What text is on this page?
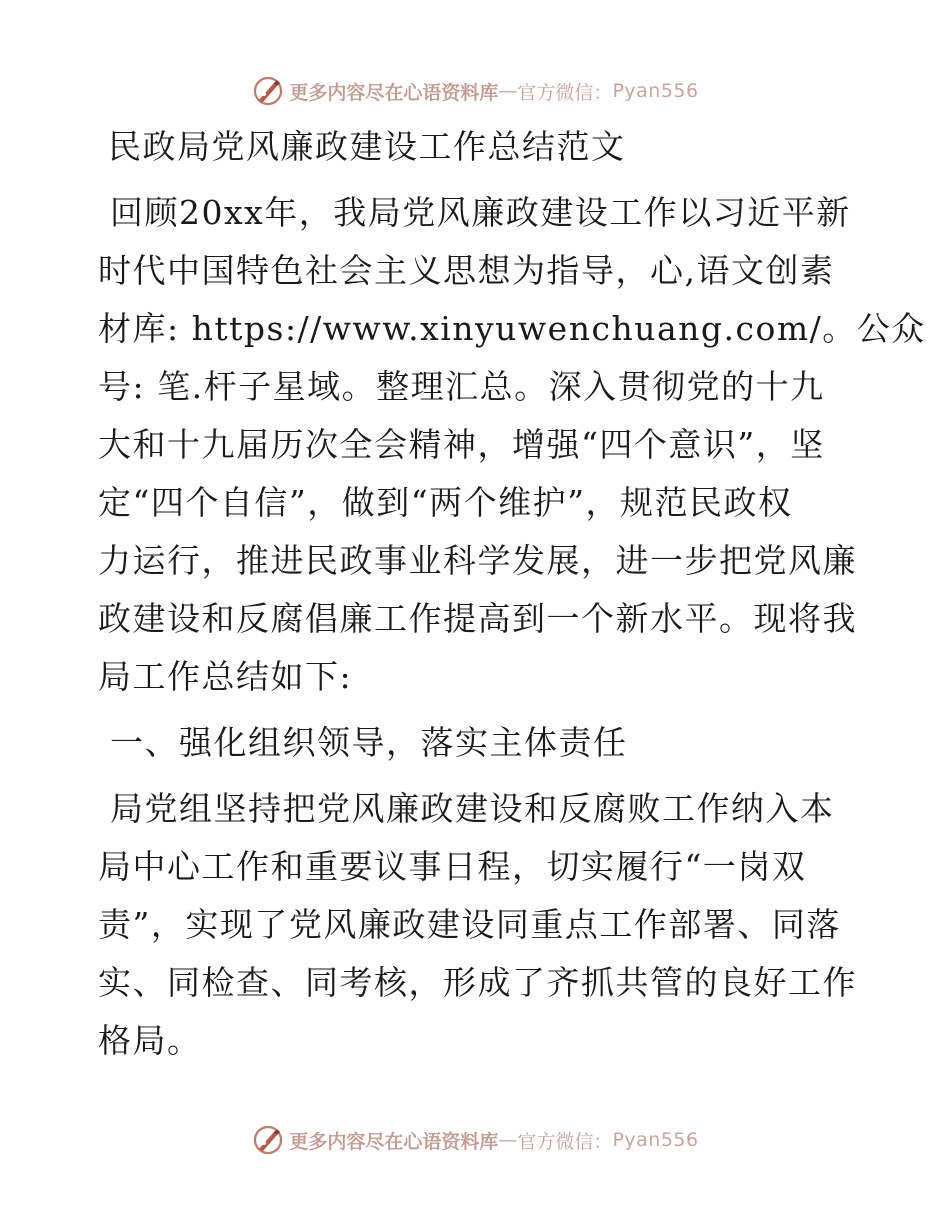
更多内容尽在心语资料库 — 官方微信： Pyan556
民政局党风廉政建设工作总结范文
回顾20xx年，我局党风廉政建设工作以习近平新
时代中国特色社会主义思想为指导，心,语文创素
材库: https://www.xinyuwenchuang.com/。公众
号: 笔.杆子星域。整理汇总。深入贯彻党的十九
大和十九届历次全会精神，增强“四个意识”，坚
定“四个自信”，做到“两个维护”，规范民政权
力运行，推进民政事业科学发展，进一步把党风廉
政建设和反腐倡廉工作提高到一个新水平。现将我
局工作总结如下:
一、强化组织领导，落实主体责任
局党组坚持把党风廉政建设和反腐败工作纳入本
局中心工作和重要议事日程，切实履行“一岗双
责”，实现了党风廉政建设同重点工作部署、同落
实、同检查、同考核，形成了齐抓共管的良好工作
格局。
更多内容尽在心语资料库 — 官方微信： Pyan556
